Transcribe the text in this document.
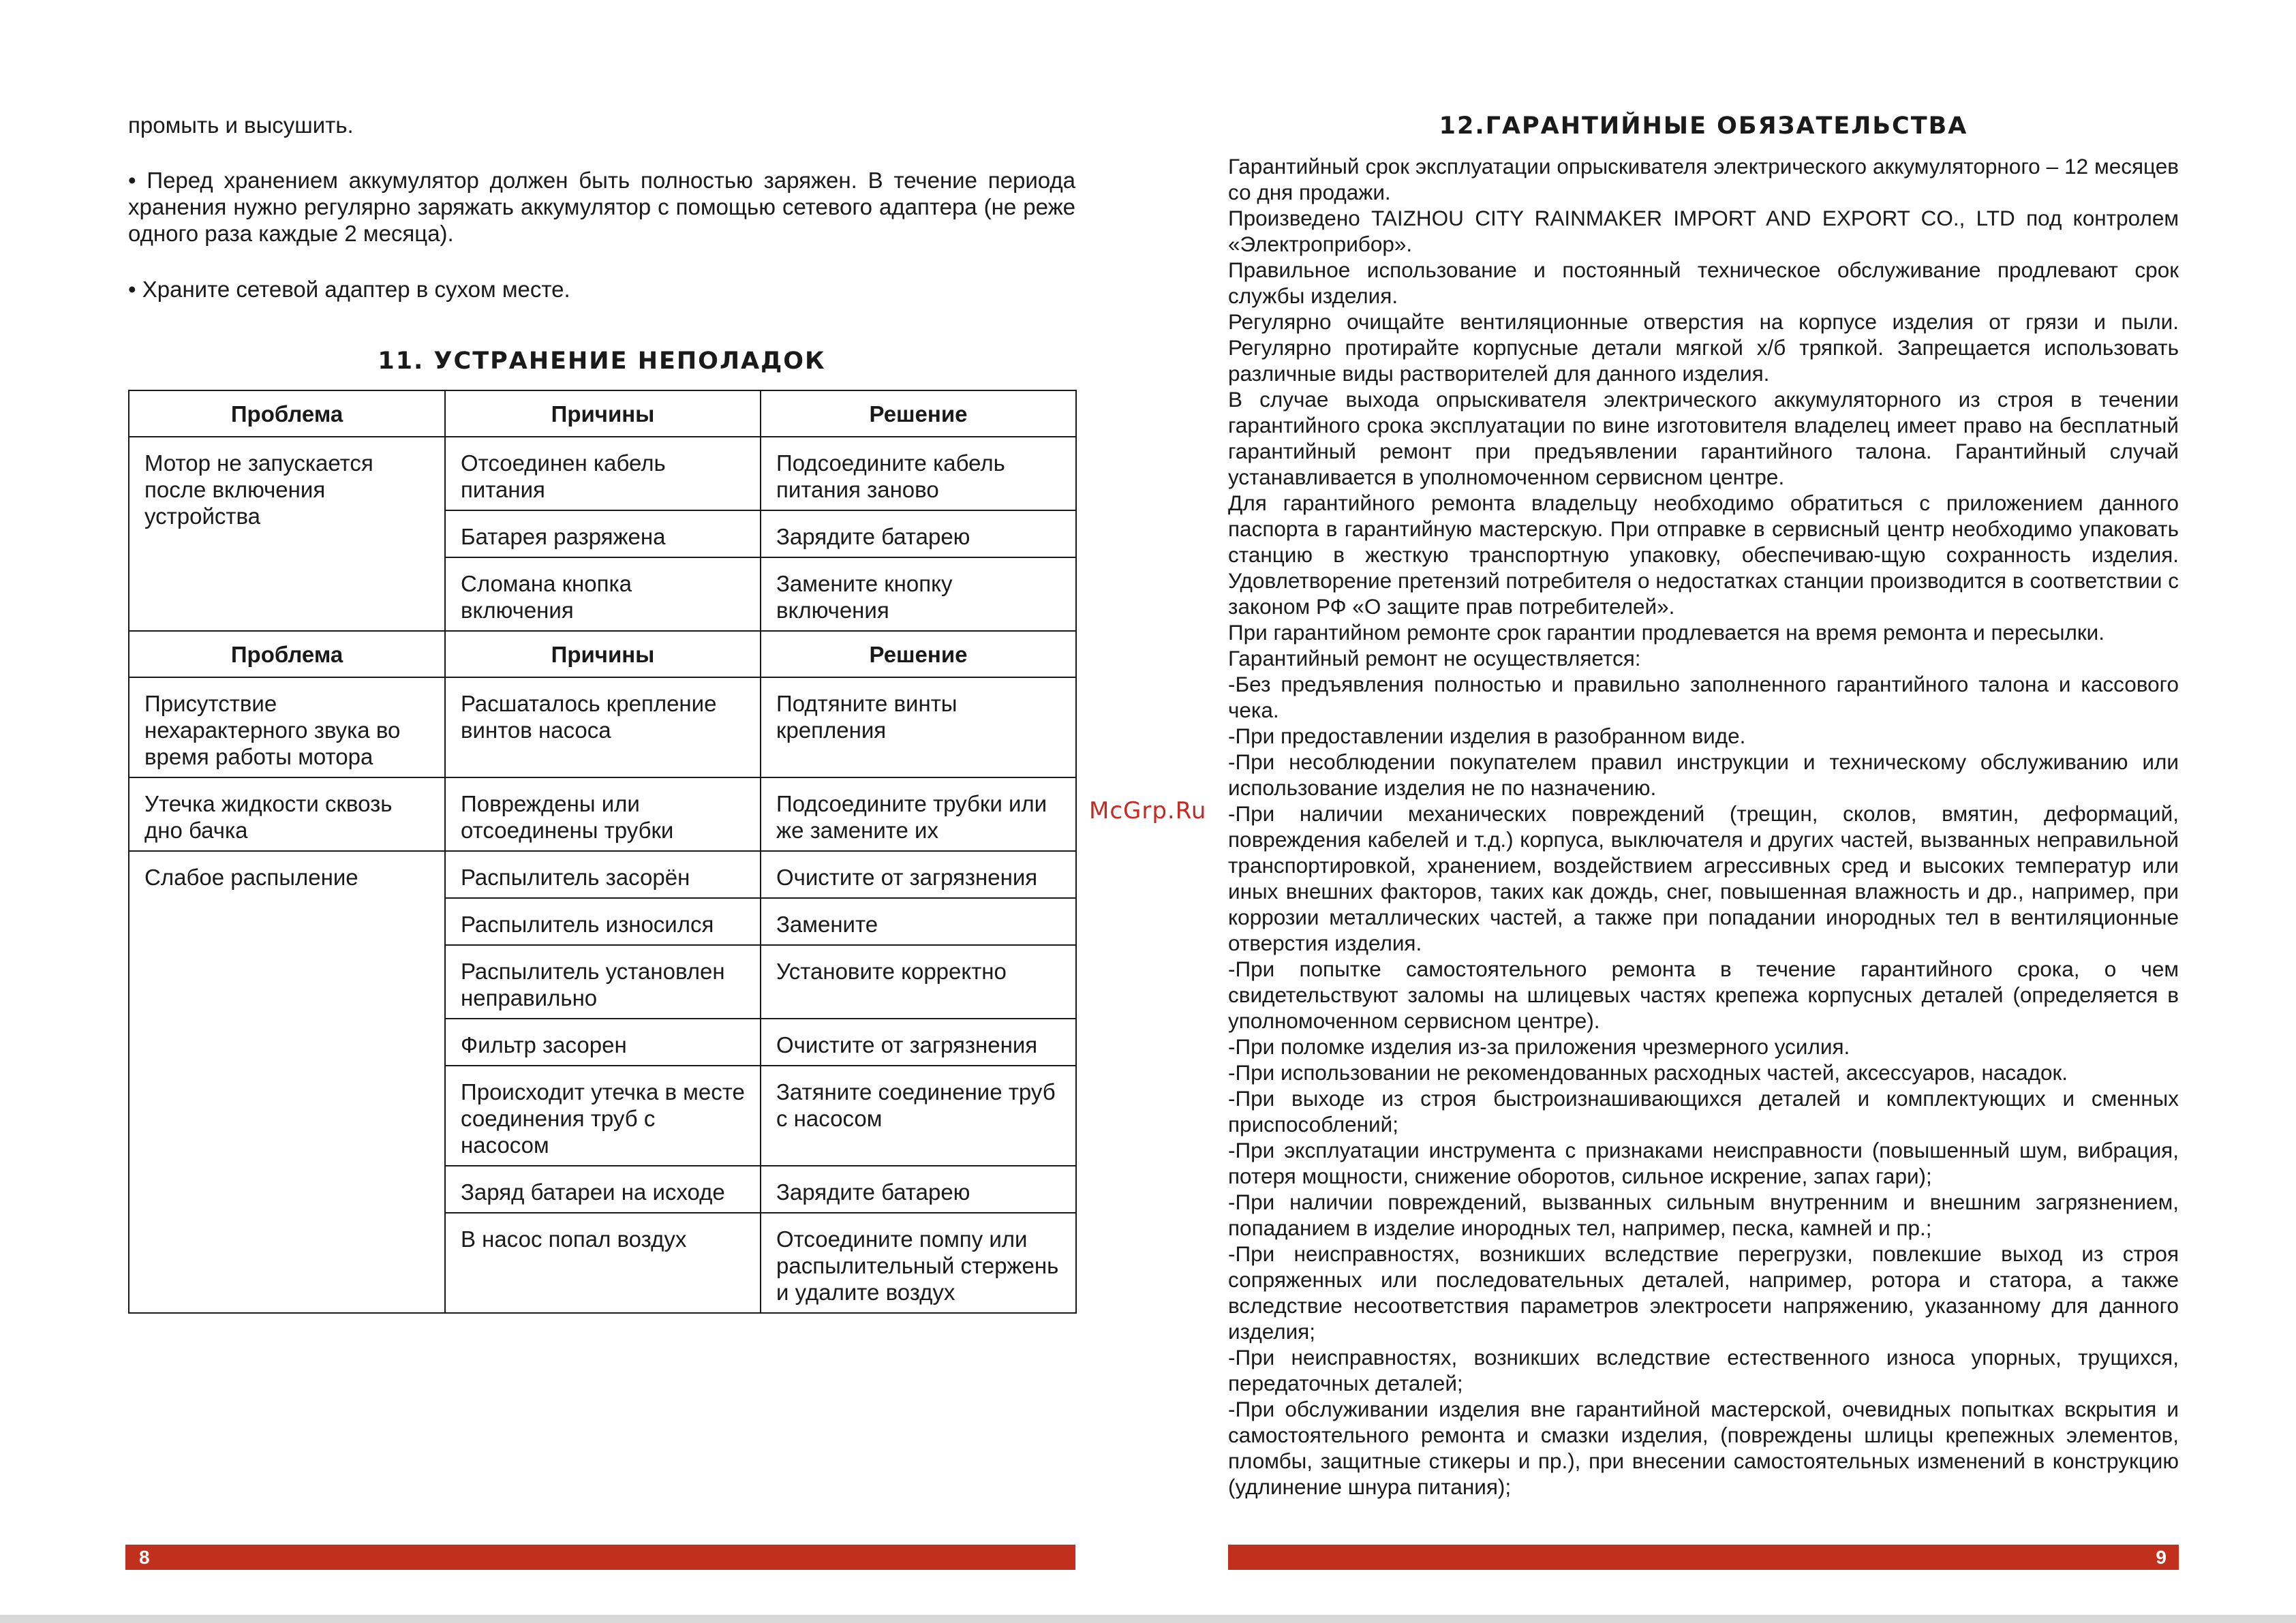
промыть и высушить.
• Перед хранением аккумулятор должен быть полностью заряжен. В течение периода хранения нужно регулярно заряжать аккумулятор с помощью сетевого адаптера (не реже одного раза каждые 2 месяца).
• Храните сетевой адаптер в сухом месте.
11. УСТРАНЕНИЕ НЕПОЛАДОК
Проблема	Причины	Решение
Мотор не запускается после включения устройства	Отсоединен кабель питания	Подсоедините кабель питания заново
	Батарея разряжена	Зарядите батарею
	Сломана кнопка включения	Замените кнопку включения
Проблема	Причины	Решение
Присутствие нехарактерного звука во время работы мотора	Расшаталось крепление винтов насоса	Подтяните винты крепления
Утечка жидкости сквозь дно бачка	Повреждены или отсоединены трубки	Подсоедините трубки или же замените их
Слабое распыление	Распылитель засорён	Очистите от загрязнения
	Распылитель износился	Замените
	Распылитель установлен неправильно	Установите корректно
	Фильтр засорен	Очистите от загрязнения
	Происходит утечка в месте соединения труб с насосом	Затяните соединение труб с насосом
	Заряд батареи на исходе	Зарядите батарею
	В насос попал воздух	Отсоедините помпу или распылительный стержень и удалите воздух
8
McGrp.Ru
12.ГАРАНТИЙНЫЕ ОБЯЗАТЕЛЬСТВА

Гарантийный срок эксплуатации опрыскивателя электрического аккумуляторного – 12 месяцев со дня продажи.

Произведено TAIZHOU CITY RAINMAKER IMPORT AND EXPORT CO., LTD под контролем «Электроприбор».

Правильное использование и постоянный техническое обслуживание продлевают срок службы изделия.

Регулярно очищайте вентиляционные отверстия на корпусе изделия от грязи и пыли. Регулярно протирайте корпусные детали мягкой х/б тряпкой. Запрещается использовать различные виды растворителей для данного изделия.

В случае выхода опрыскивателя электрического аккумуляторного из строя в течении гарантийного срока эксплуатации по вине изготовителя владелец имеет право на бесплатный гарантийный ремонт при предъявлении гарантийного талона. Гарантийный случай устанавливается в уполномоченном сервисном центре.

Для гарантийного ремонта владельцу необходимо обратиться с приложением данного паспорта в гарантийную мастерскую. При отправке в сервисный центр необходимо упаковать станцию в жесткую транспортную упаковку, обеспечиваю-щую сохранность изделия. Удовлетворение претензий потребителя о недостатках станции производится в соответствии с законом РФ «О защите прав потребителей».

При гарантийном ремонте срок гарантии продлевается на время ремонта и пересылки.

Гарантийный ремонт не осуществляется:

-Без предъявления полностью и правильно заполненного гарантийного талона и кассового чека.

-При предоставлении изделия в разобранном виде.

-При несоблюдении покупателем правил инструкции и техническому обслуживанию или использование изделия не по назначению.

-При наличии механических повреждений (трещин, сколов, вмятин, деформаций, повреждения кабелей и т.д.) корпуса, выключателя и других частей, вызванных неправильной транспортировкой, хранением, воздействием агрессивных сред и высоких температур или иных внешних факторов, таких как дождь, снег, повышенная влажность и др., например, при коррозии металлических частей, а также при попадании инородных тел в вентиляционные отверстия изделия.

-При попытке самостоятельного ремонта в течение гарантийного срока, о чем свидетельствуют заломы на шлицевых частях крепежа корпусных деталей (определяется в уполномоченном сервисном центре).

-При поломке изделия из-за приложения чрезмерного усилия.

-При использовании не рекомендованных расходных частей, аксессуаров, насадок.

-При выходе из строя быстроизнашивающихся деталей и комплектующих и сменных приспособлений;

-При эксплуатации инструмента с признаками неисправности (повышенный шум, вибрация, потеря мощности, снижение оборотов, сильное искрение, запах гари);

-При наличии повреждений, вызванных сильным внутренним и внешним загрязнением, попаданием в изделие инородных тел, например, песка, камней и пр.;

-При неисправностях, возникших вследствие перегрузки, повлекшие выход из строя сопряженных или последовательных деталей, например, ротора и статора, а также вследствие несоответствия параметров электросети напряжению, указанному для данного изделия;

-При неисправностях, возникших вследствие естественного износа упорных, трущихся, передаточных деталей;

-При обслуживании изделия вне гарантийной мастерской, очевидных попытках вскрытия и самостоятельного ремонта и смазки изделия, (повреждены шлицы крепежных элементов, пломбы, защитные стикеры и пр.), при внесении самостоятельных изменений в конструкцию (удлинение шнура питания);

9
